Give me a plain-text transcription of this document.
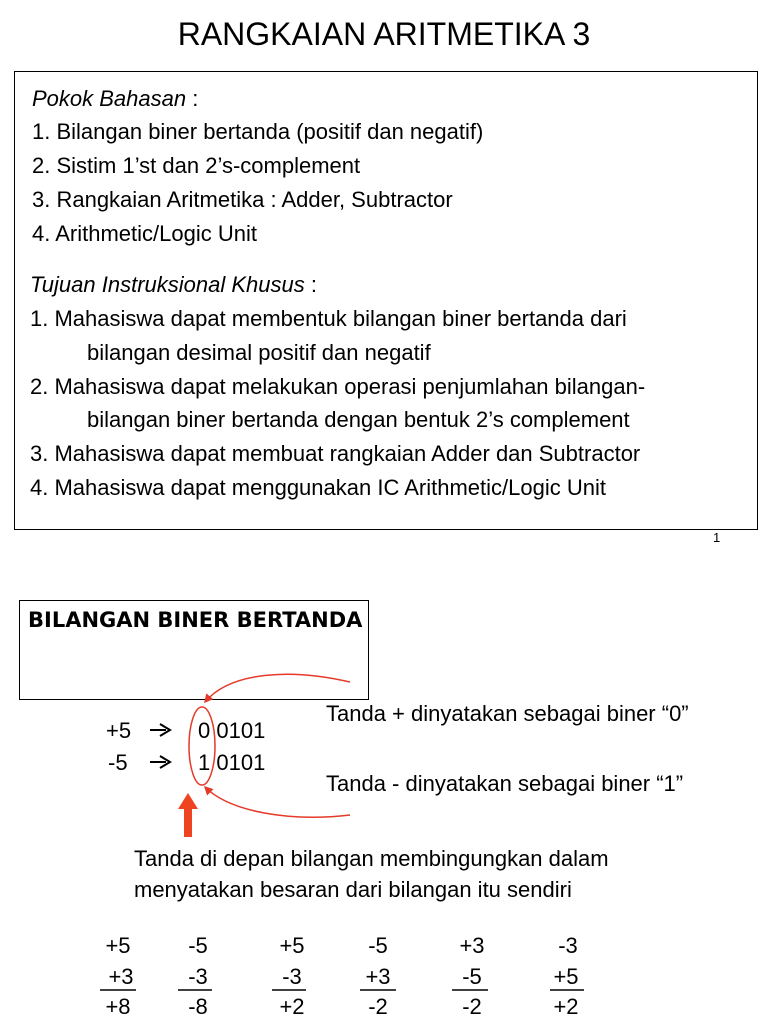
RANGKAIAN ARITMETIKA 3
Pokok Bahasan :
1. Bilangan biner bertanda (positif dan negatif)
2. Sistim 1’st dan 2’s-complement
3. Rangkaian Aritmetika : Adder, Subtractor
4. Arithmetic/Logic Unit
Tujuan Instruksional Khusus :
1. Mahasiswa dapat membentuk bilangan biner bertanda dari
bilangan desimal positif dan negatif
2. Mahasiswa dapat melakukan operasi penjumlahan bilangan-
bilangan biner bertanda dengan bentuk 2’s complement
3. Mahasiswa dapat membuat rangkaian Adder dan Subtractor
4. Mahasiswa dapat menggunakan IC Arithmetic/Logic Unit
1
BILANGAN BINER BERTANDA
+5	0 0101
-5	1 0101
Tanda + dinyatakan sebagai biner “0”
Tanda - dinyatakan sebagai biner “1”
Tanda di depan bilangan membingungkan dalam
menyatakan besaran dari bilangan itu sendiri
+5
+3
+8
-5
-3
-8
+5
-3
+2
-5
+3
-2
+3
-5
-2
-3
+5
+2
